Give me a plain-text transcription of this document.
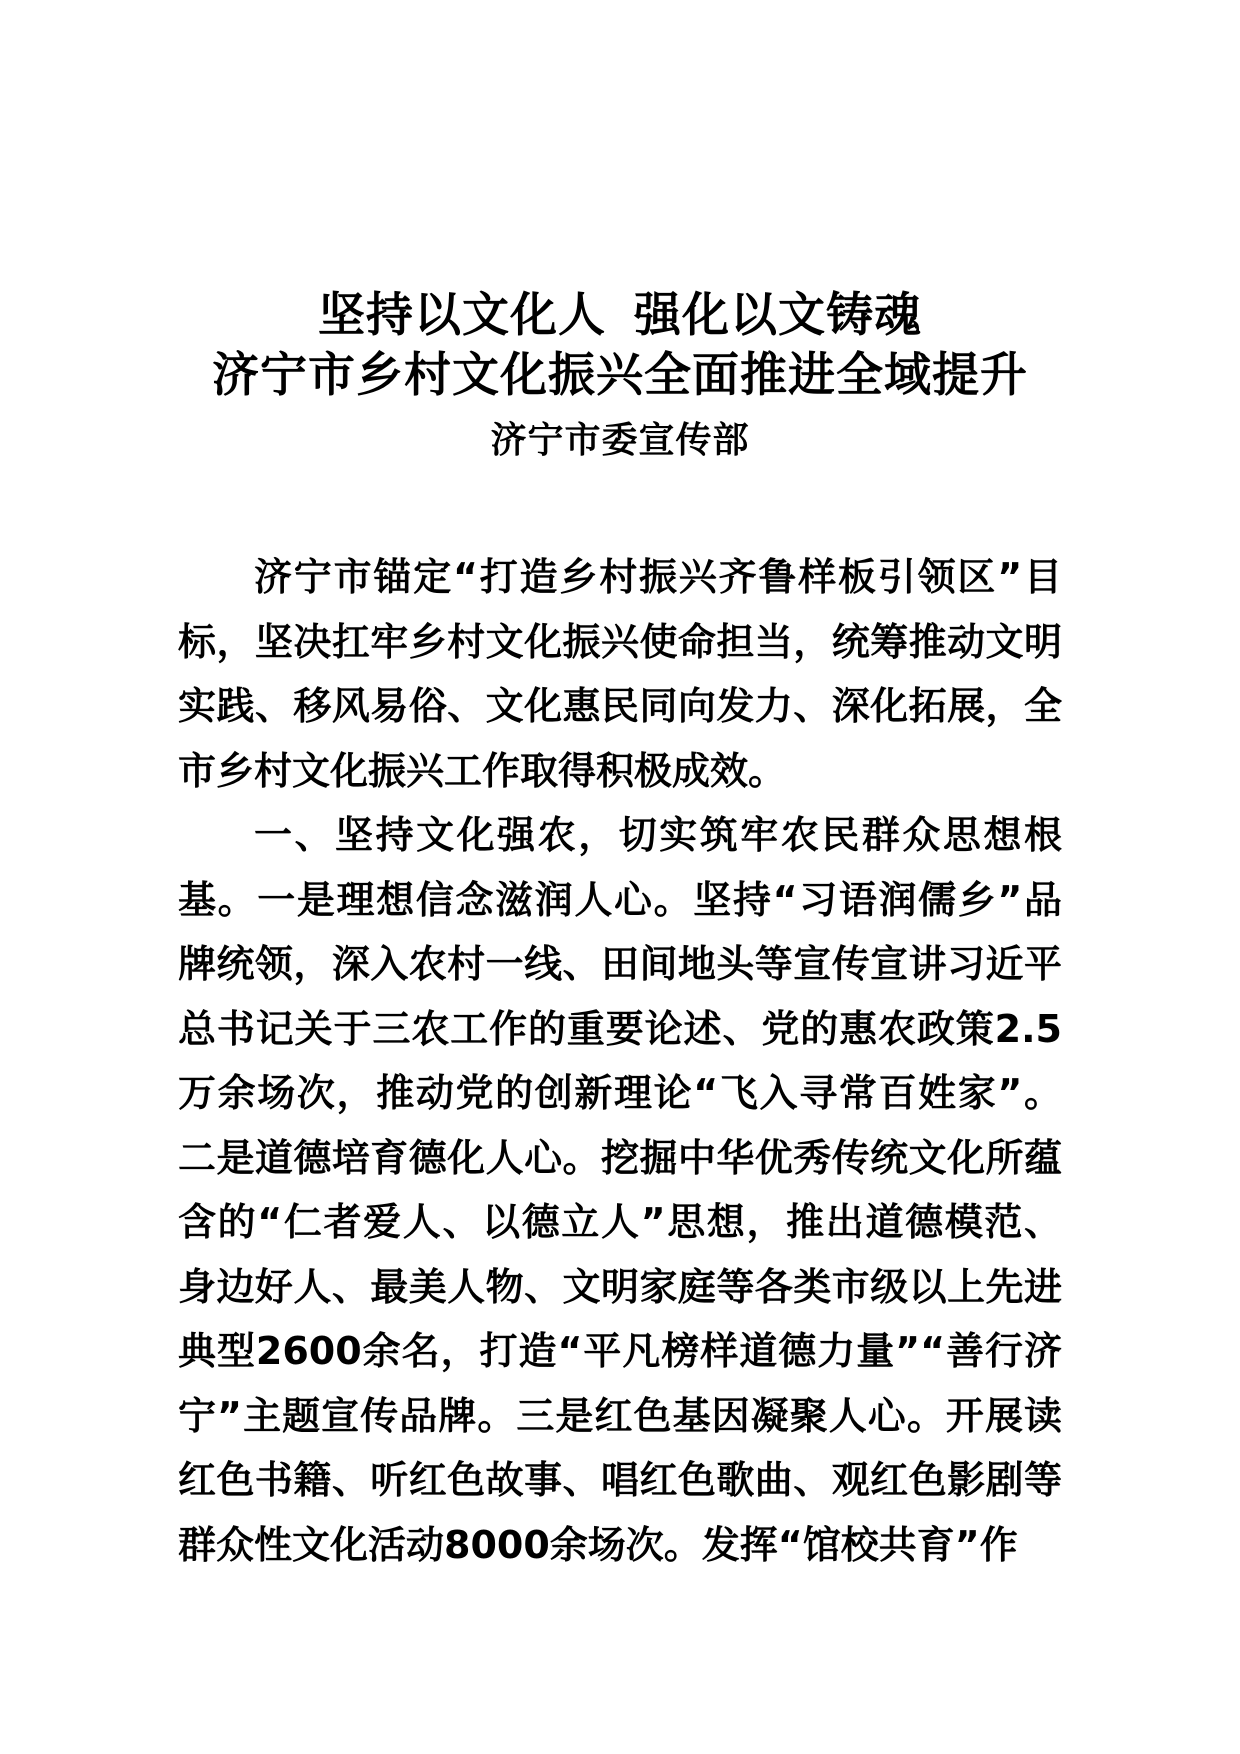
坚持以文化人 强化以文铸魂
济宁市乡村文化振兴全面推进全域提升
济宁市委宣传部

济宁市锚定“打造乡村振兴齐鲁样板引领区”目标，坚决扛牢乡村文化振兴使命担当，统筹推动文明实践、移风易俗、文化惠民同向发力、深化拓展，全市乡村文化振兴工作取得积极成效。

一、坚持文化强农，切实筑牢农民群众思想根基。一是理想信念滋润人心。坚持“习语润儒乡”品牌统领，深入农村一线、田间地头等宣传宣讲习近平总书记关于三农工作的重要论述、党的惠农政策2.5万余场次，推动党的创新理论“飞入寻常百姓家”。二是道德培育德化人心。挖掘中华优秀传统文化所蕴含的“仁者爱人、以德立人”思想，推出道德模范、身边好人、最美人物、文明家庭等各类市级以上先进典型2600余名，打造“平凡榜样道德力量”“善行济宁”主题宣传品牌。三是红色基因凝聚人心。开展读红色书籍、听红色故事、唱红色歌曲、观红色影剧等群众性文化活动8000余场次。发挥“馆校共育”作
